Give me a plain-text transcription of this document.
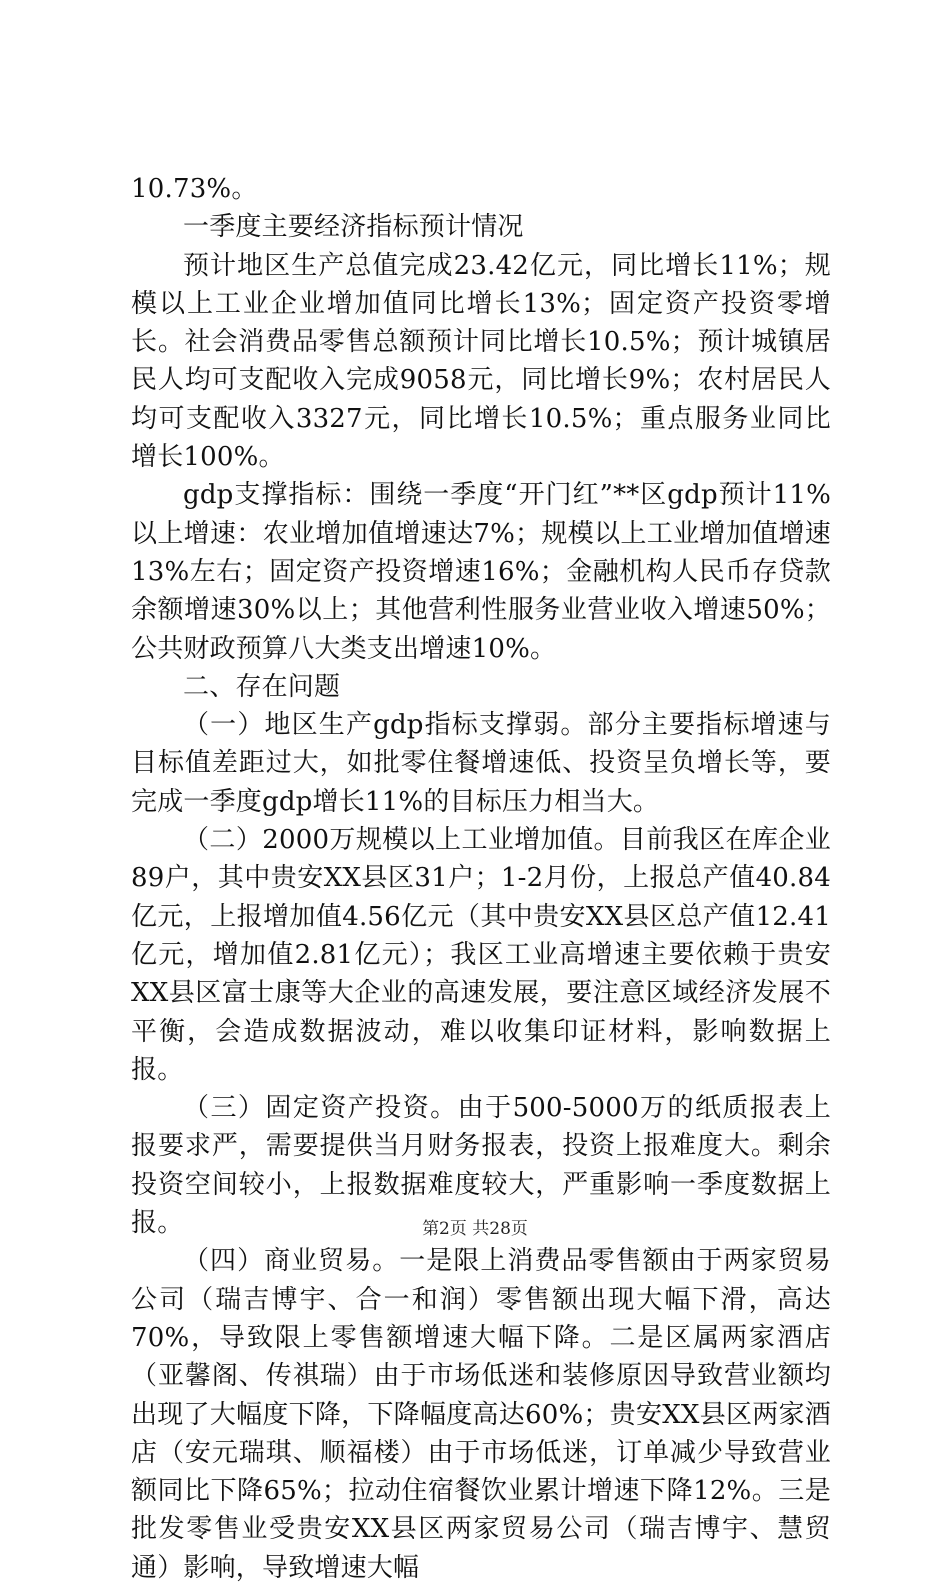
10.73%。

一季度主要经济指标预计情况

预计地区生产总值完成23.42亿元，同比增长11%；规模以上工业企业增加值同比增长13%；固定资产投资零增长。社会消费品零售总额预计同比增长10.5%；预计城镇居民人均可支配收入完成9058元，同比增长9%；农村居民人均可支配收入3327元，同比增长10.5%；重点服务业同比增长100%。

gdp支撑指标：围绕一季度“开门红”**区gdp预计11%以上增速：农业增加值增速达7%；规模以上工业增加值增速13%左右；固定资产投资增速16%；金融机构人民币存贷款余额增速30%以上；其他营利性服务业营业收入增速50%；公共财政预算八大类支出增速10%。

二、存在问题

（一）地区生产gdp指标支撑弱。部分主要指标增速与目标值差距过大，如批零住餐增速低、投资呈负增长等，要完成一季度gdp增长11%的目标压力相当大。

（二）2000万规模以上工业增加值。目前我区在库企业89户，其中贵安XX县区31户；1-2月份，上报总产值40.84亿元，上报增加值4.56亿元（其中贵安XX县区总产值12.41亿元，增加值2.81亿元）；我区工业高增速主要依赖于贵安XX县区富士康等大企业的高速发展，要注意区域经济发展不平衡，会造成数据波动，难以收集印证材料，影响数据上报。

（三）固定资产投资。由于500-5000万的纸质报表上报要求严，需要提供当月财务报表，投资上报难度大。剩余投资空间较小，上报数据难度较大，严重影响一季度数据上报。

（四）商业贸易。一是限上消费品零售额由于两家贸易公司（瑞吉博宇、合一和润）零售额出现大幅下滑，高达70%，导致限上零售额增速大幅下降。二是区属两家酒店（亚馨阁、传祺瑞）由于市场低迷和装修原因导致营业额均出现了大幅度下降，下降幅度高达60%；贵安XX县区两家酒店（安元瑞琪、顺福楼）由于市场低迷，订单减少导致营业额同比下降65%；拉动住宿餐饮业累计增速下降12%。三是批发零售业受贵安XX县区两家贸易公司（瑞吉博宇、慧贸通）影响，导致增速大幅

第2页 共28页
